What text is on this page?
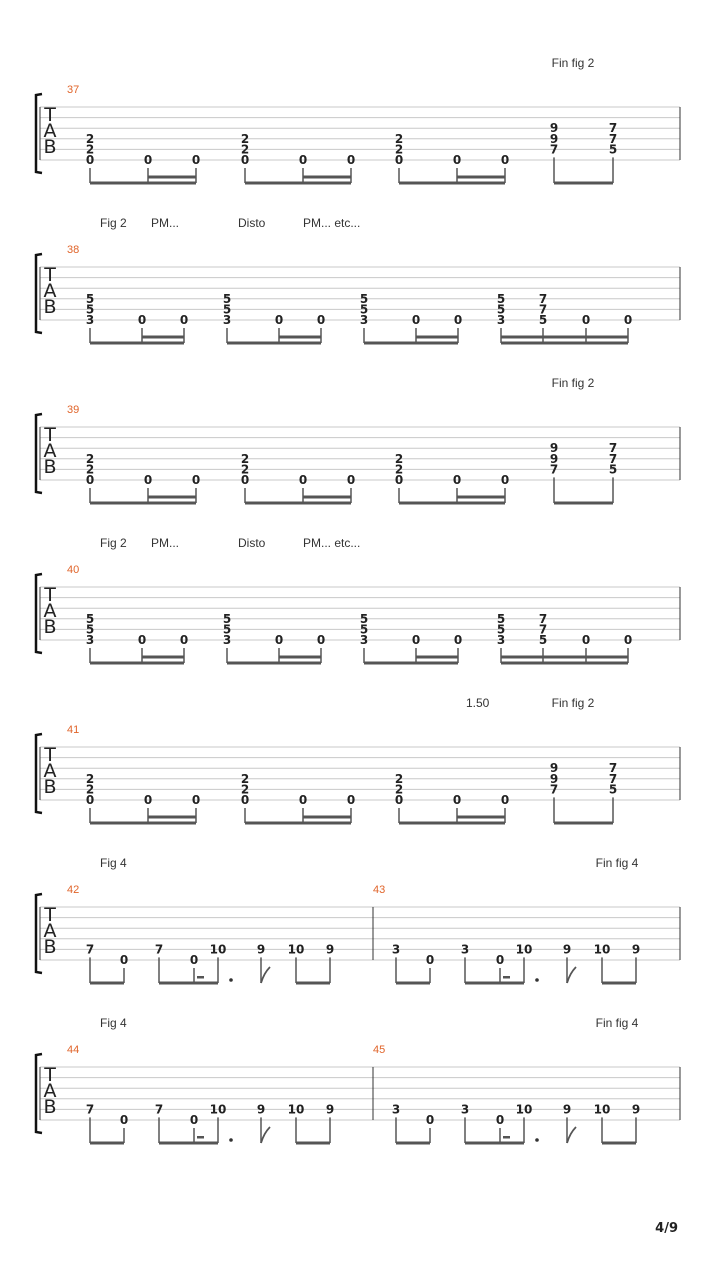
T
A
B
Fin fig 2
37
2
2
0	0	0
2
2
0	0	0
2
2
0	0	0
9
9
7
7
7
5
T
A
B
Fig 2 PM...	Disto	PM... etc...
38
5
5
3	0	0
5
5
3	0	0
5
5
3	0	0
5
5
3
7
7
5	0	0
T
A
B
Fin fig 2
39
2
2
0	0	0
2
2
0	0	0
2
2
0	0	0
9
9
7
7
7
5
T
A
B
Fig 2 PM...	Disto	PM... etc...
40
5
5
3	0	0
5
5
3	0	0
5
5
3	0	0
5
5
3
7
7
5	0	0
T
A
B
1.50	Fin fig 2
41
2
2
0	0	0
2
2
0	0	0
2
2
0	0	0
9
9
7
7
7
5
T
A
B
Fig 4	Fin fig 4
42	43
7
0
7
0
10	9 10 9	3
0
3
0
10	9 10 9
T
A
B
Fig 4	Fin fig 4
44	45
7
0
7
0
10	9 10 9	3
0
3
0
10	9 10 9
4/9
